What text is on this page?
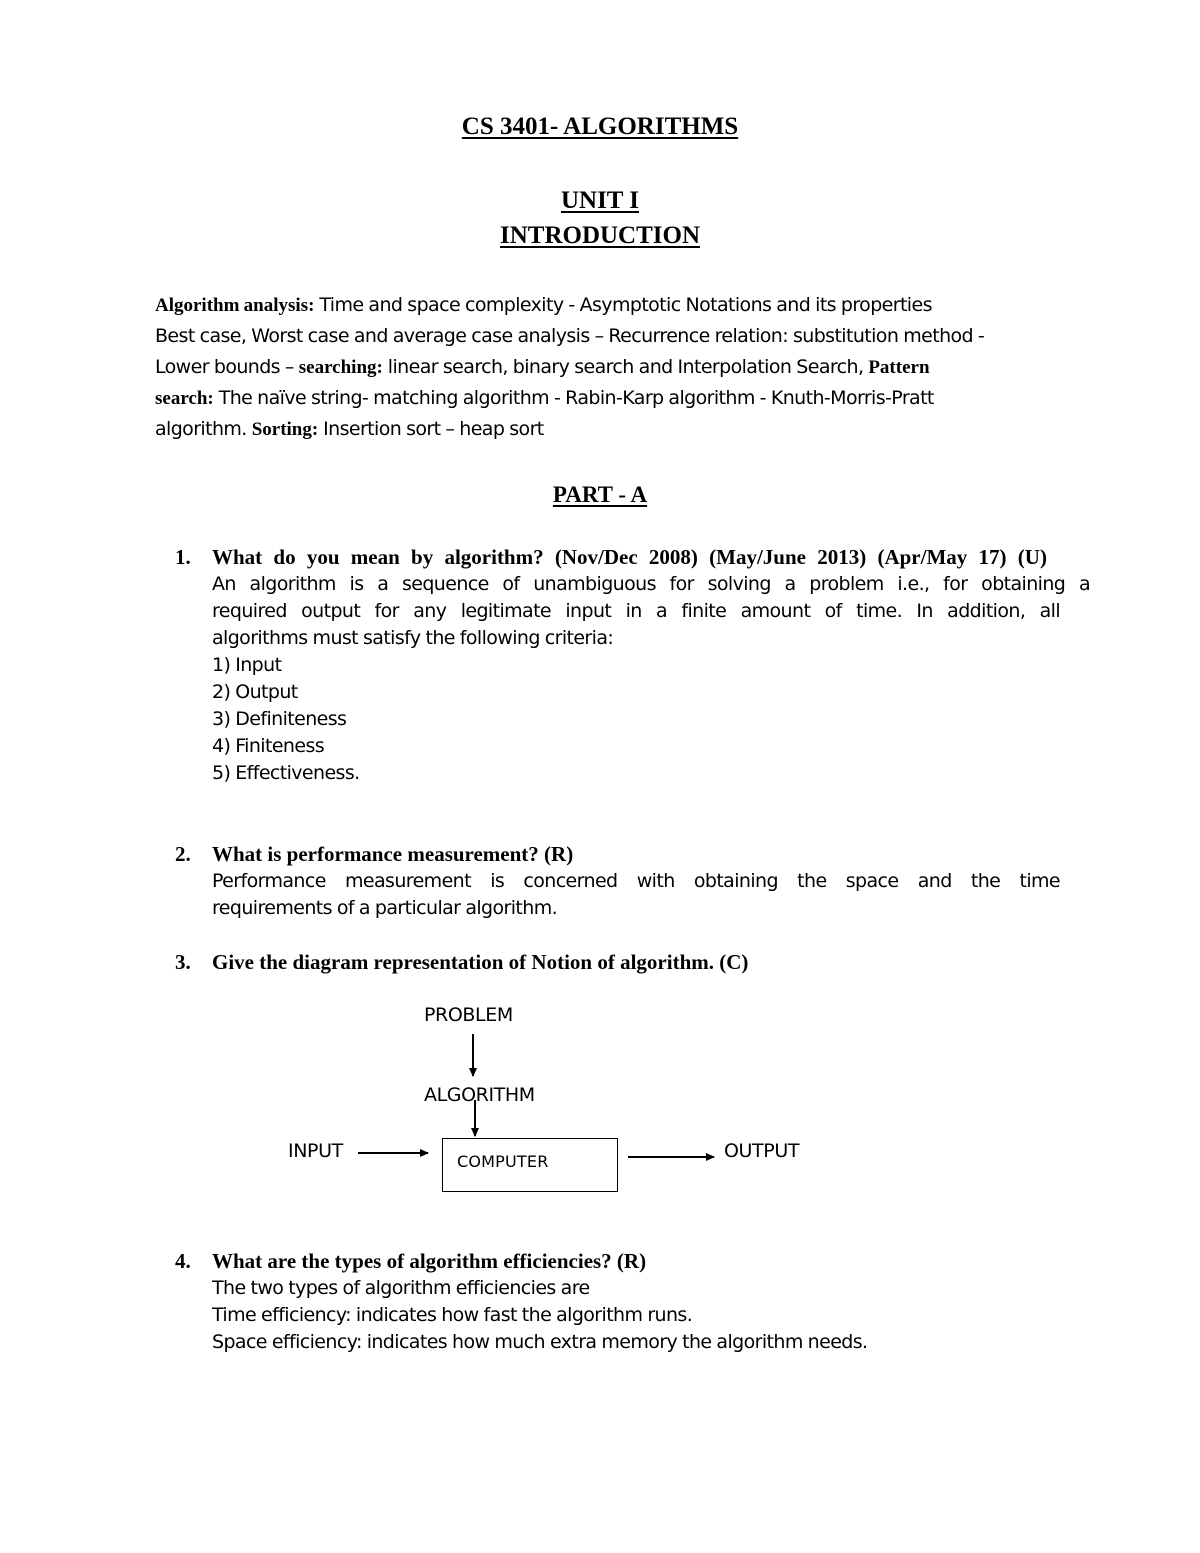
CS 3401- ALGORITHMS
UNIT I
INTRODUCTION
Algorithm analysis: Time and space complexity - Asymptotic Notations and its properties
Best case, Worst case and average case analysis – Recurrence relation: substitution method -
Lower bounds – searching: linear search, binary search and Interpolation Search, Pattern
search: The naïve string- matching algorithm - Rabin-Karp algorithm - Knuth-Morris-Pratt
algorithm. Sorting: Insertion sort – heap sort
PART - A
1. What do you mean by algorithm? (Nov/Dec 2008) (May/June 2013) (Apr/May 17) (U)
An algorithm is a sequence of unambiguous for solving a problem i.e., for obtaining a
required output for any legitimate input in a finite amount of time. In addition, all
algorithms must satisfy the following criteria:
1) Input
2) Output
3) Definiteness
4) Finiteness
5) Effectiveness.
2. What is performance measurement? (R)
Performance measurement is concerned with obtaining the space and the time
requirements of a particular algorithm.
3. Give the diagram representation of Notion of algorithm. (C)
PROBLEM
ALGORITHM
INPUT	OUTPUT
COMPUTER
4. What are the types of algorithm efficiencies? (R)
The two types of algorithm efficiencies are
Time efficiency: indicates how fast the algorithm runs.
Space efficiency: indicates how much extra memory the algorithm needs.
